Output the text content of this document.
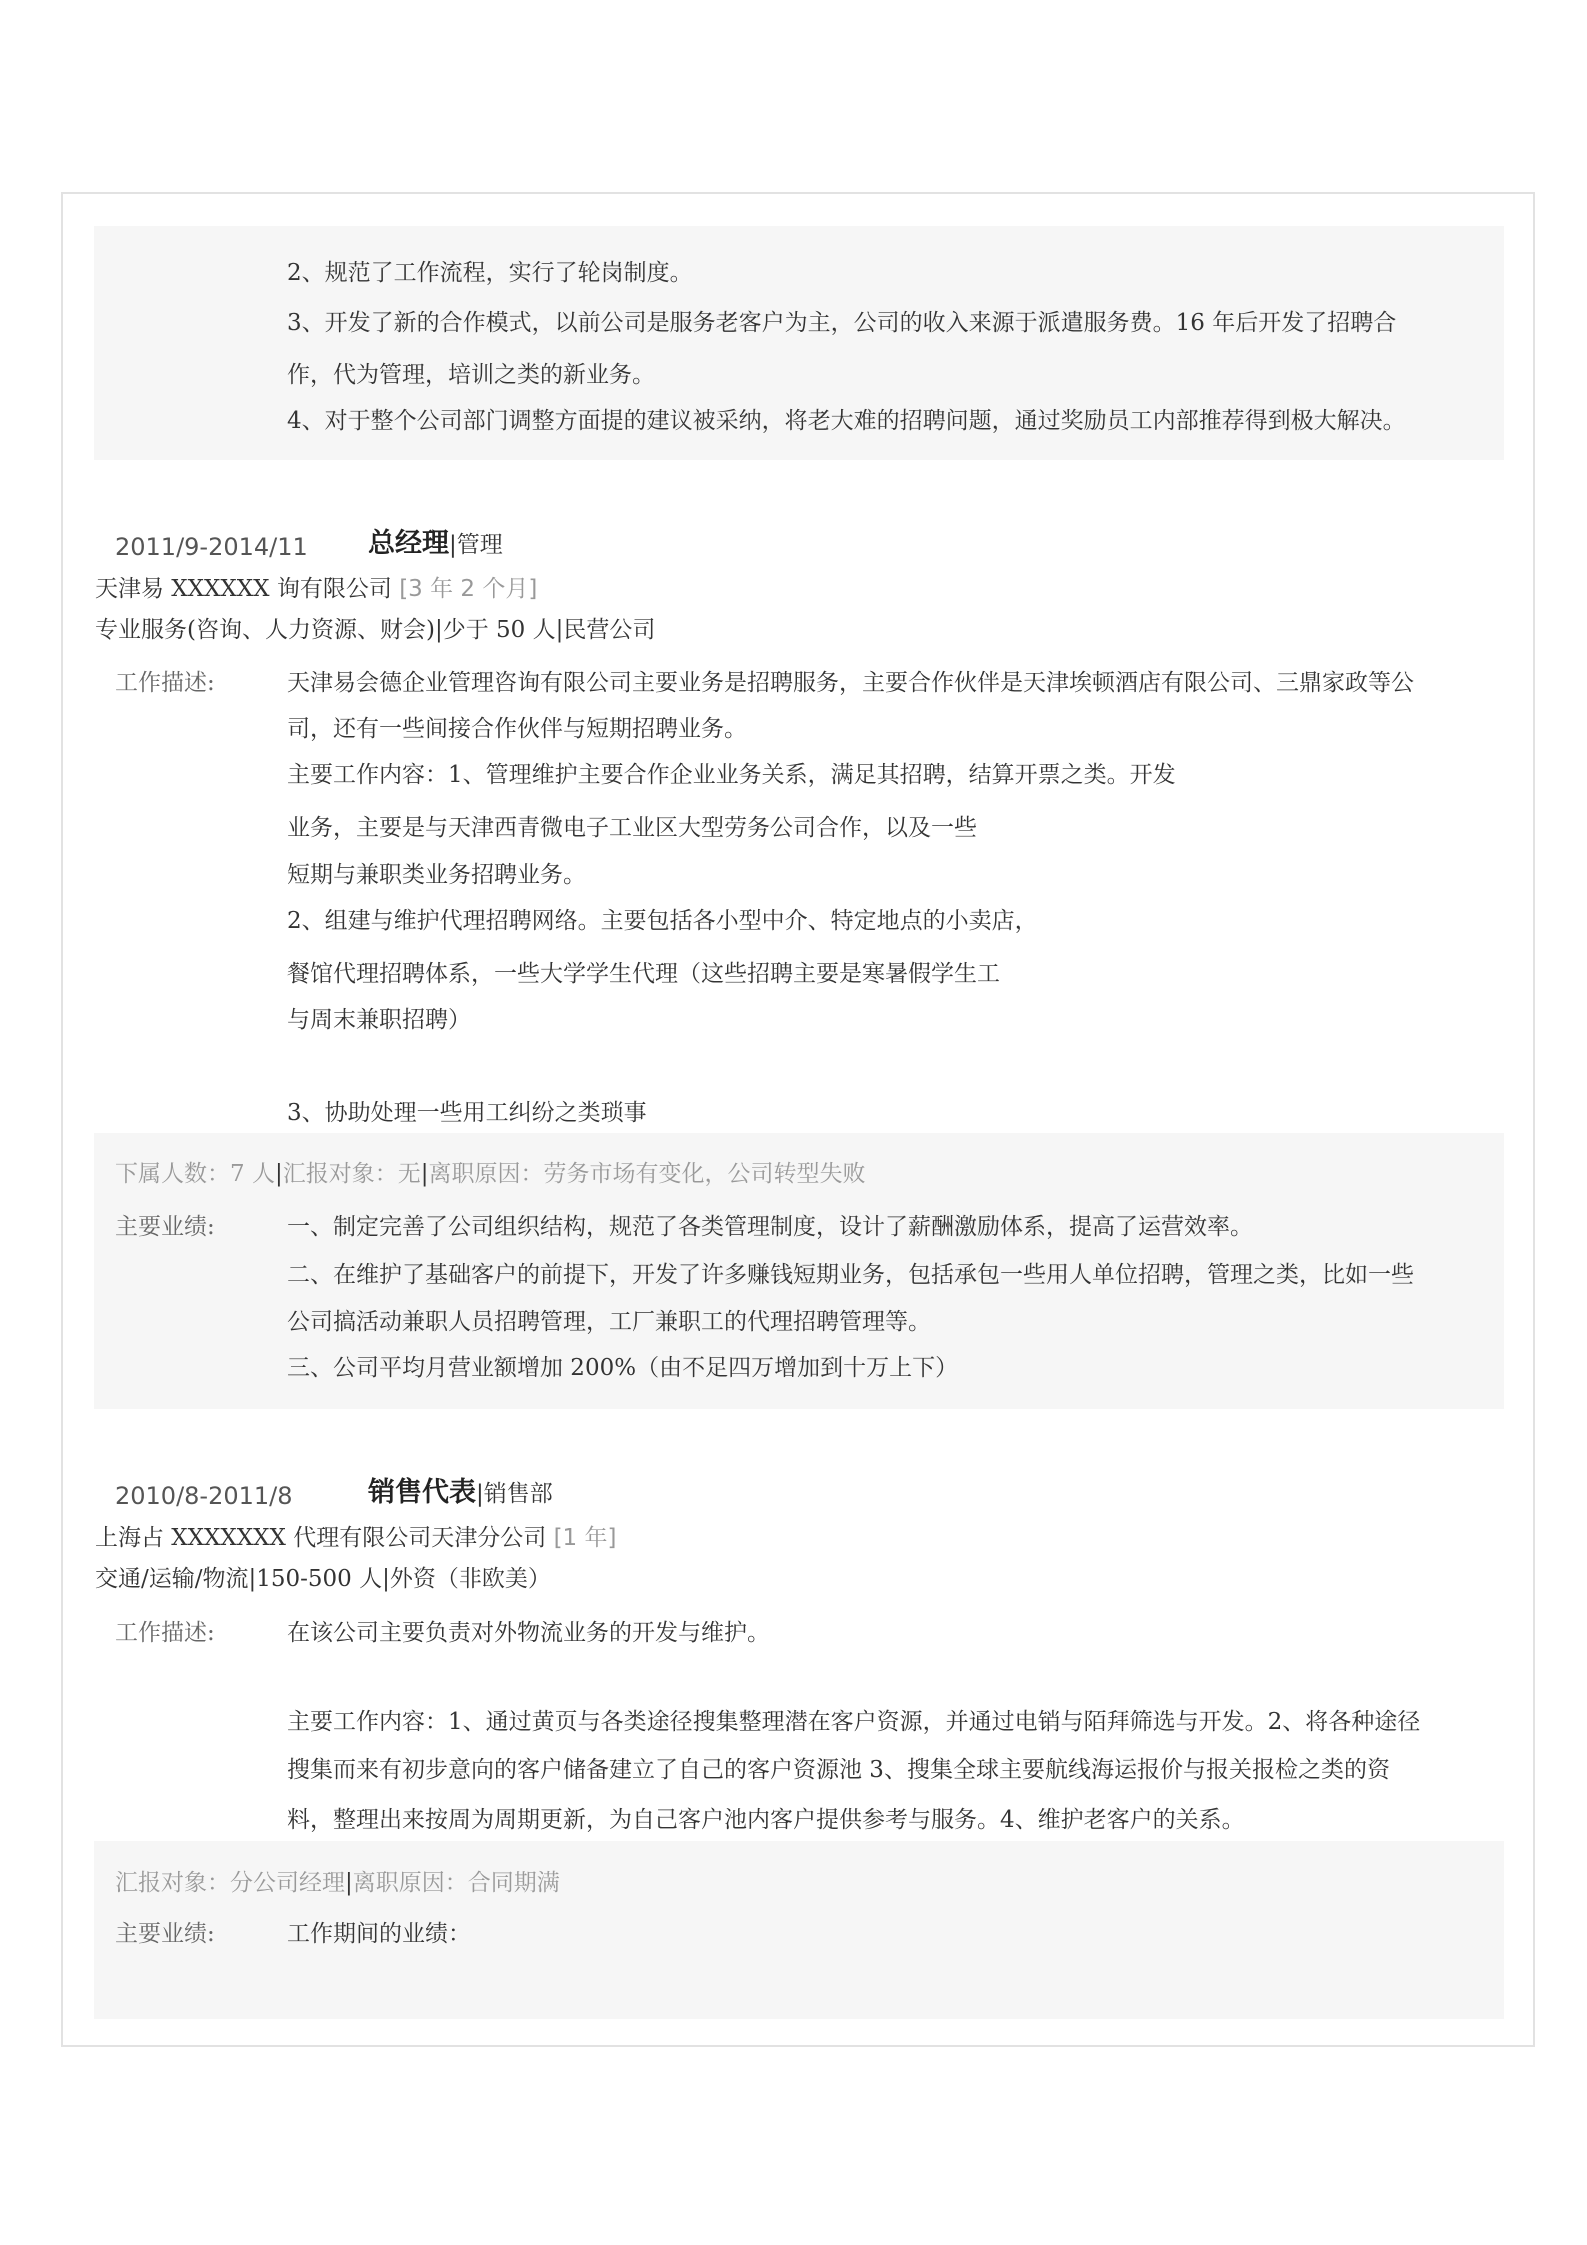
2、规范了工作流程，实行了轮岗制度。
3、开发了新的合作模式，以前公司是服务老客户为主，公司的收入来源于派遣服务费。16 年后开发了招聘合
作，代为管理，培训之类的新业务。
4、对于整个公司部门调整方面提的建议被采纳，将老大难的招聘问题，通过奖励员工内部推荐得到极大解决。
2011/9-2014/11 总经理|管理
天津易 XXXXXX 询有限公司 [3 年 2 个月]
专业服务(咨询、人力资源、财会)|少于 50 人|民营公司
工作描述:	天津易会德企业管理咨询有限公司主要业务是招聘服务，主要合作伙伴是天津埃顿酒店有限公司、三鼎家政等公
司，还有一些间接合作伙伴与短期招聘业务。
主要工作内容：1、管理维护主要合作企业业务关系，满足其招聘，结算开票之类。开发
业务，主要是与天津西青微电子工业区大型劳务公司合作，以及一些
短期与兼职类业务招聘业务。
2、组建与维护代理招聘网络。主要包括各小型中介、特定地点的小卖店，
餐馆代理招聘体系，一些大学学生代理（这些招聘主要是寒暑假学生工
与周末兼职招聘）
3、协助处理一些用工纠纷之类琐事
下属人数：7 人|汇报对象：无|离职原因：劳务市场有变化，公司转型失败
主要业绩:	一、制定完善了公司组织结构，规范了各类管理制度，设计了薪酬激励体系，提高了运营效率。
二、在维护了基础客户的前提下，开发了许多赚钱短期业务，包括承包一些用人单位招聘，管理之类，比如一些
公司搞活动兼职人员招聘管理，工厂兼职工的代理招聘管理等。
三、公司平均月营业额增加 200%（由不足四万增加到十万上下）
2010/8-2011/8	销售代表|销售部
上海占 XXXXXXX 代理有限公司天津分公司 [1 年]
交通/运输/物流|150-500 人|外资（非欧美）
工作描述:	在该公司主要负责对外物流业务的开发与维护。
主要工作内容：1、通过黄页与各类途径搜集整理潜在客户资源，并通过电销与陌拜筛选与开发。2、将各种途径
搜集而来有初步意向的客户储备建立了自己的客户资源池 3、搜集全球主要航线海运报价与报关报检之类的资
料，整理出来按周为周期更新，为自己客户池内客户提供参考与服务。4、维护老客户的关系。
汇报对象：分公司经理|离职原因：合同期满
主要业绩:	工作期间的业绩：
